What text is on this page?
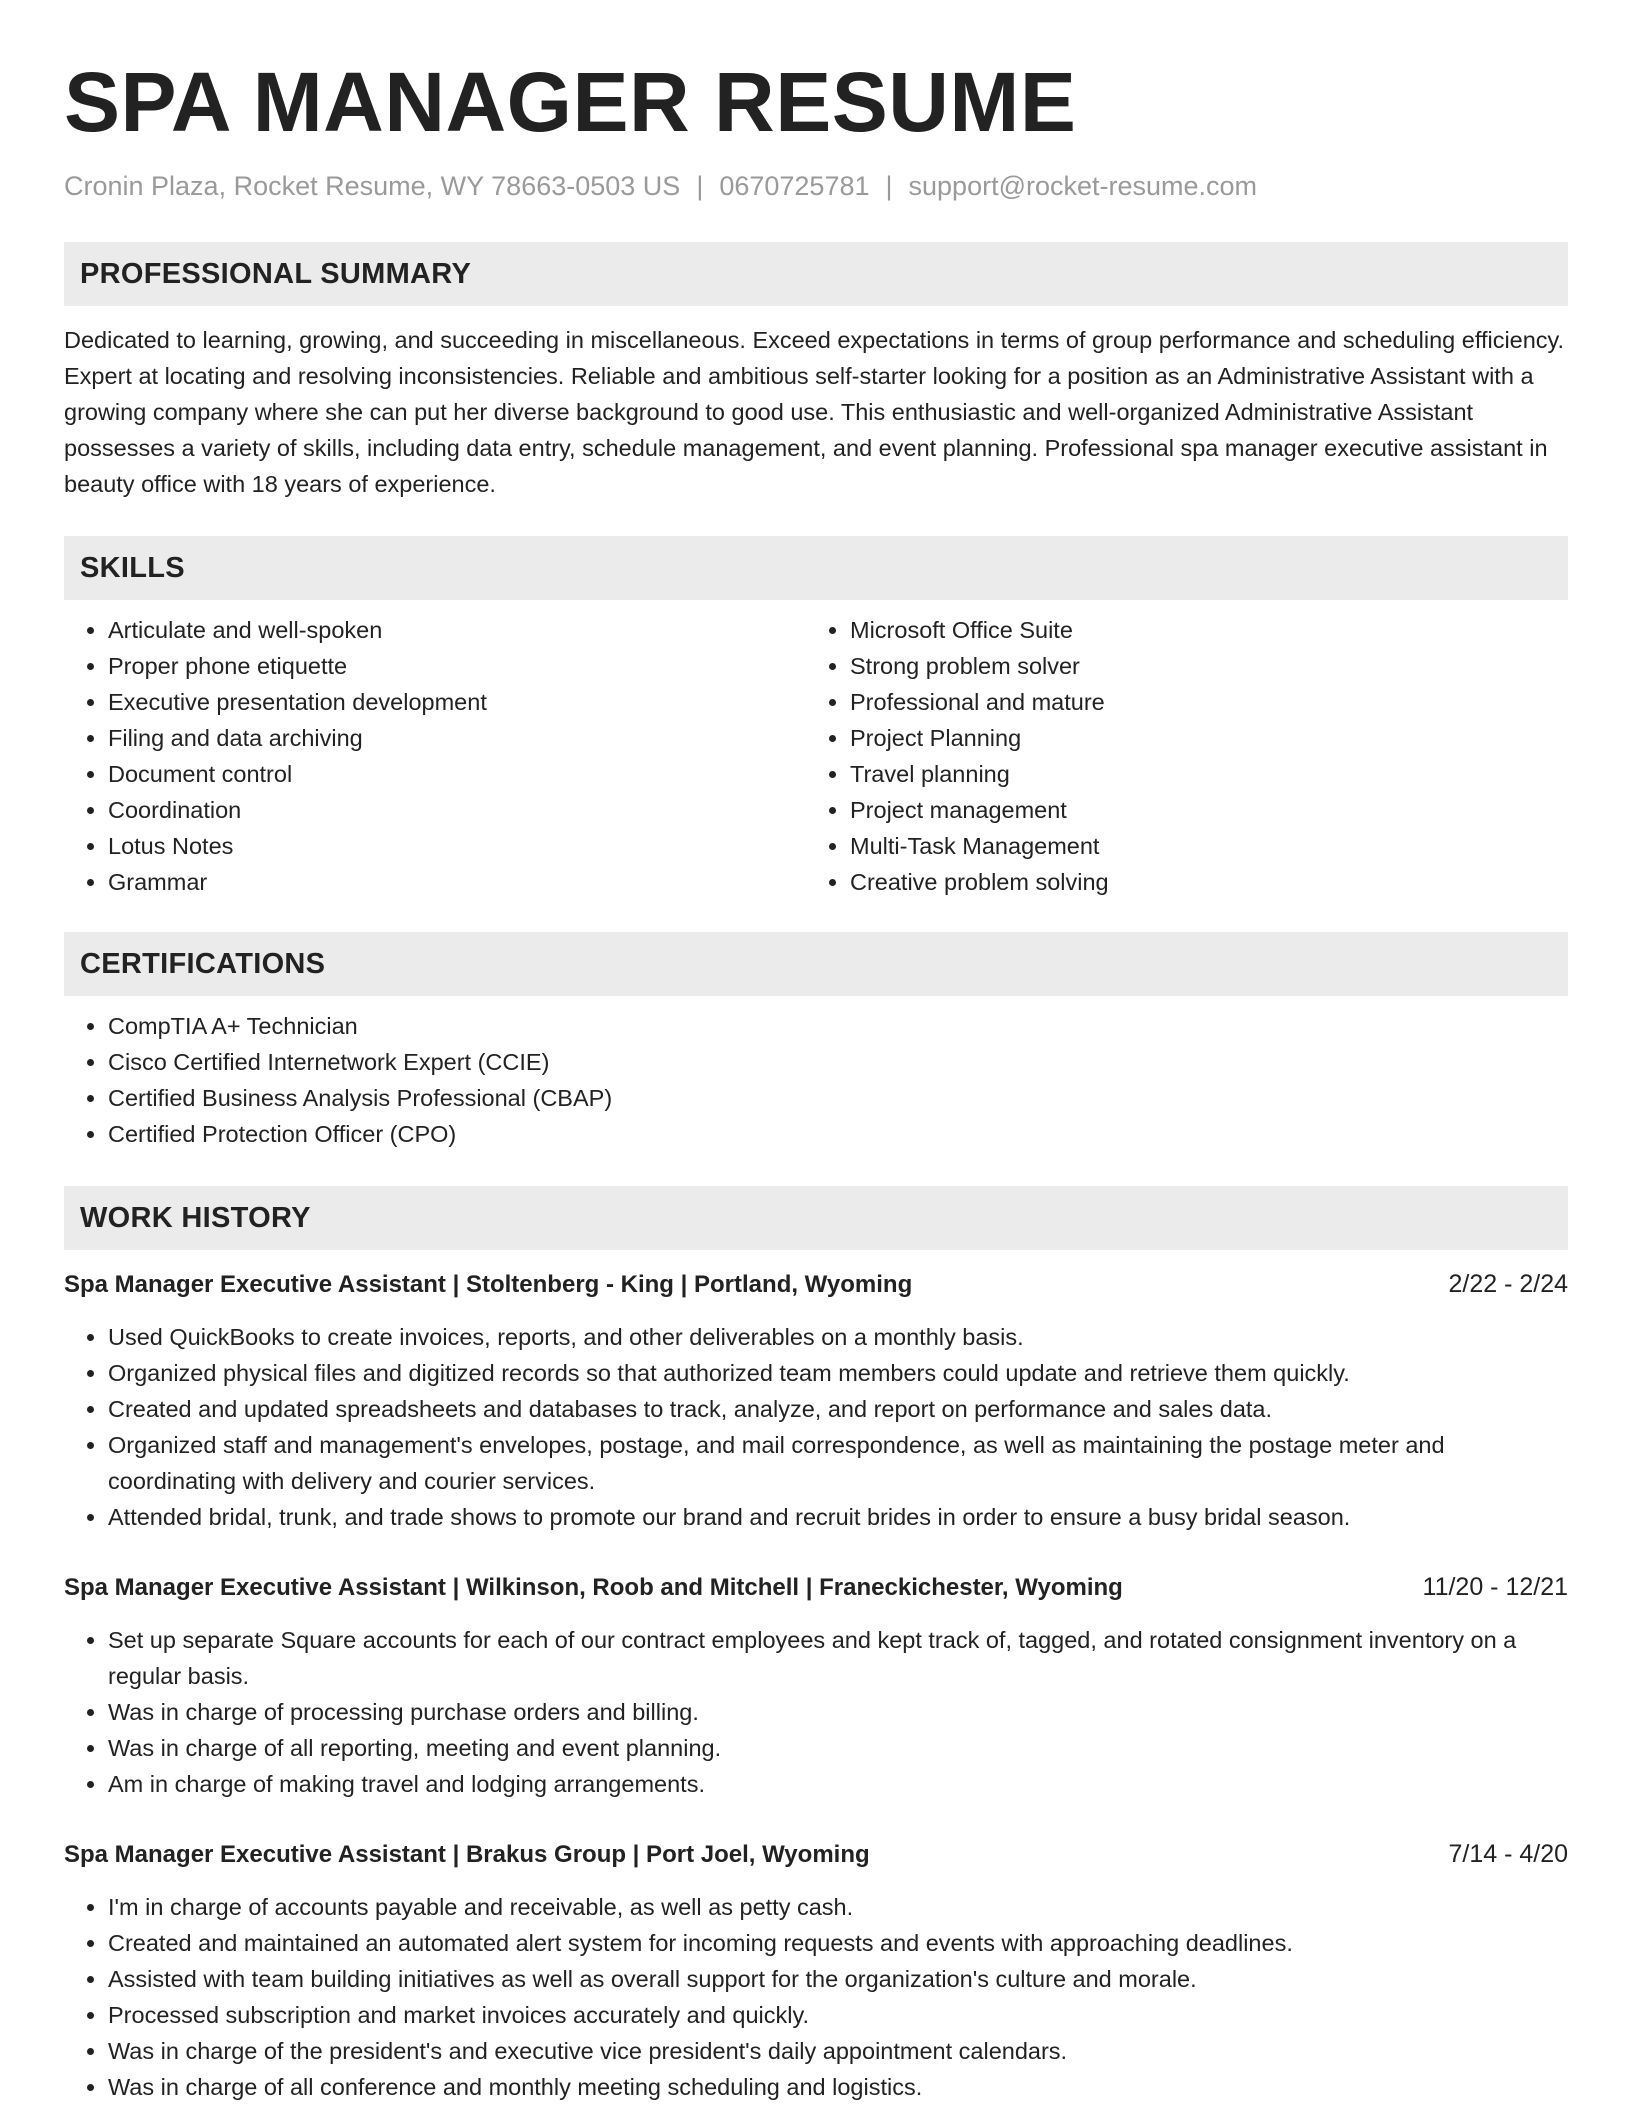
SPA MANAGER RESUME
Cronin Plaza, Rocket Resume, WY 78663-0503 US | 0670725781 | support@rocket-resume.com
PROFESSIONAL SUMMARY
Dedicated to learning, growing, and succeeding in miscellaneous. Exceed expectations in terms of group performance and scheduling efficiency. Expert at locating and resolving inconsistencies. Reliable and ambitious self-starter looking for a position as an Administrative Assistant with a growing company where she can put her diverse background to good use. This enthusiastic and well-organized Administrative Assistant possesses a variety of skills, including data entry, schedule management, and event planning. Professional spa manager executive assistant in beauty office with 18 years of experience.
SKILLS
• Articulate and well-spoken
• Proper phone etiquette
• Executive presentation development
• Filing and data archiving
• Document control
• Coordination
• Lotus Notes
• Grammar
• Microsoft Office Suite
• Strong problem solver
• Professional and mature
• Project Planning
• Travel planning
• Project management
• Multi-Task Management
• Creative problem solving
CERTIFICATIONS
• CompTIA A+ Technician
• Cisco Certified Internetwork Expert (CCIE)
• Certified Business Analysis Professional (CBAP)
• Certified Protection Officer (CPO)
WORK HISTORY
Spa Manager Executive Assistant | Stoltenberg - King | Portland, Wyoming	2/22 - 2/24
• Used QuickBooks to create invoices, reports, and other deliverables on a monthly basis.
• Organized physical files and digitized records so that authorized team members could update and retrieve them quickly.
• Created and updated spreadsheets and databases to track, analyze, and report on performance and sales data.
• Organized staff and management's envelopes, postage, and mail correspondence, as well as maintaining the postage meter and coordinating with delivery and courier services.
• Attended bridal, trunk, and trade shows to promote our brand and recruit brides in order to ensure a busy bridal season.
Spa Manager Executive Assistant | Wilkinson, Roob and Mitchell | Franeckichester, Wyoming	11/20 - 12/21
• Set up separate Square accounts for each of our contract employees and kept track of, tagged, and rotated consignment inventory on a regular basis.
• Was in charge of processing purchase orders and billing.
• Was in charge of all reporting, meeting and event planning.
• Am in charge of making travel and lodging arrangements.
Spa Manager Executive Assistant | Brakus Group | Port Joel, Wyoming	7/14 - 4/20
• I'm in charge of accounts payable and receivable, as well as petty cash.
• Created and maintained an automated alert system for incoming requests and events with approaching deadlines.
• Assisted with team building initiatives as well as overall support for the organization's culture and morale.
• Processed subscription and market invoices accurately and quickly.
• Was in charge of the president's and executive vice president's daily appointment calendars.
• Was in charge of all conference and monthly meeting scheduling and logistics.
